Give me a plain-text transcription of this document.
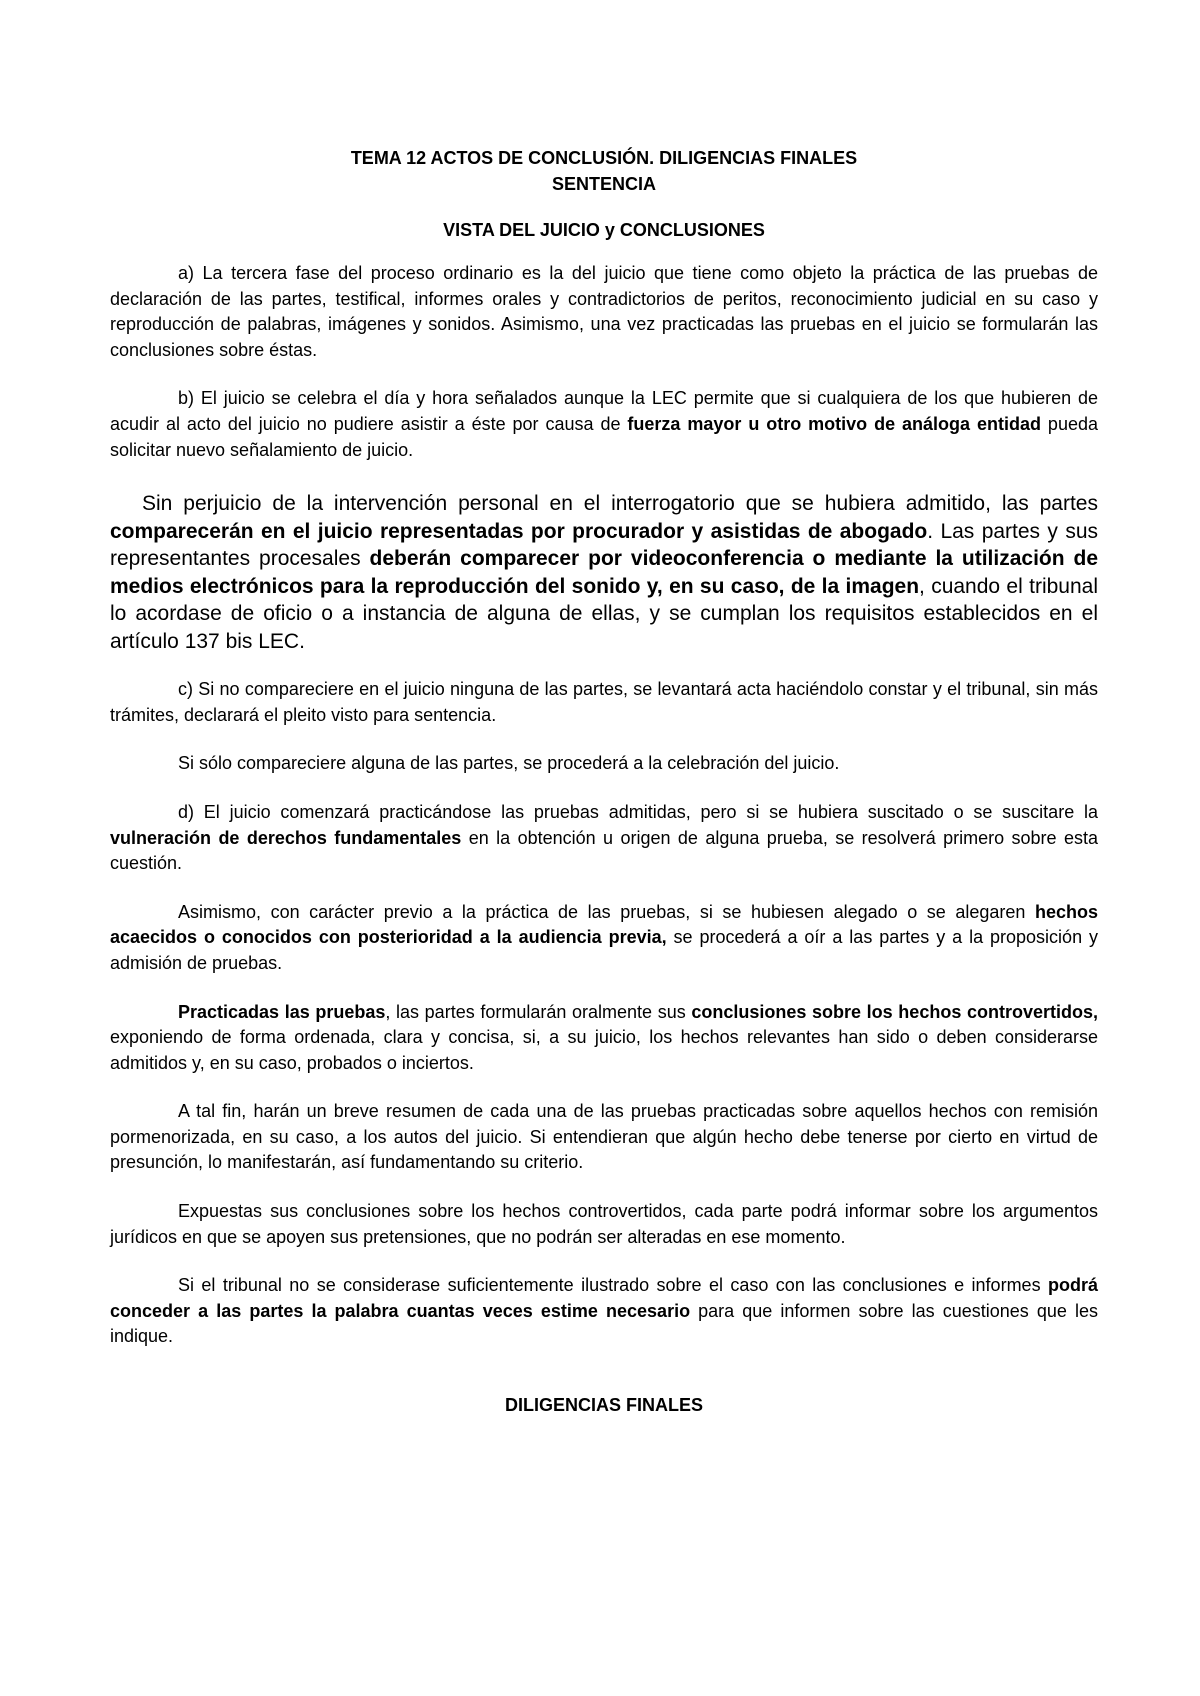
TEMA 12 ACTOS DE CONCLUSIÓN. DILIGENCIAS FINALES
SENTENCIA
VISTA DEL JUICIO y CONCLUSIONES

a) La tercera fase del proceso ordinario es la del juicio que tiene como objeto la práctica de las pruebas de declaración de las partes, testifical, informes orales y contradictorios de peritos, reconocimiento judicial en su caso y reproducción de palabras, imágenes y sonidos. Asimismo, una vez practicadas las pruebas en el juicio se formularán las conclusiones sobre éstas.

b) El juicio se celebra el día y hora señalados aunque la LEC permite que si cualquiera de los que hubieren de acudir al acto del juicio no pudiere asistir a éste por causa de fuerza mayor u otro motivo de análoga entidad pueda solicitar nuevo señalamiento de juicio.

Sin perjuicio de la intervención personal en el interrogatorio que se hubiera admitido, las partes comparecerán en el juicio representadas por procurador y asistidas de abogado. Las partes y sus representantes procesales deberán comparecer por videoconferencia o mediante la utilización de medios electrónicos para la reproducción del sonido y, en su caso, de la imagen, cuando el tribunal lo acordase de oficio o a instancia de alguna de ellas, y se cumplan los requisitos establecidos en el artículo 137 bis LEC.

c) Si no compareciere en el juicio ninguna de las partes, se levantará acta haciéndolo constar y el tribunal, sin más trámites, declarará el pleito visto para sentencia.

Si sólo compareciere alguna de las partes, se procederá a la celebración del juicio.

d) El juicio comenzará practicándose las pruebas admitidas, pero si se hubiera suscitado o se suscitare la vulneración de derechos fundamentales en la obtención u origen de alguna prueba, se resolverá primero sobre esta cuestión.

Asimismo, con carácter previo a la práctica de las pruebas, si se hubiesen alegado o se alegaren hechos acaecidos o conocidos con posterioridad a la audiencia previa, se procederá a oír a las partes y a la proposición y admisión de pruebas.

Practicadas las pruebas, las partes formularán oralmente sus conclusiones sobre los hechos controvertidos, exponiendo de forma ordenada, clara y concisa, si, a su juicio, los hechos relevantes han sido o deben considerarse admitidos y, en su caso, probados o inciertos.

A tal fin, harán un breve resumen de cada una de las pruebas practicadas sobre aquellos hechos con remisión pormenorizada, en su caso, a los autos del juicio. Si entendieran que algún hecho debe tenerse por cierto en virtud de presunción, lo manifestarán, así fundamentando su criterio.

Expuestas sus conclusiones sobre los hechos controvertidos, cada parte podrá informar sobre los argumentos jurídicos en que se apoyen sus pretensiones, que no podrán ser alteradas en ese momento.

Si el tribunal no se considerase suficientemente ilustrado sobre el caso con las conclusiones e informes podrá conceder a las partes la palabra cuantas veces estime necesario para que informen sobre las cuestiones que les indique.

DILIGENCIAS FINALES
